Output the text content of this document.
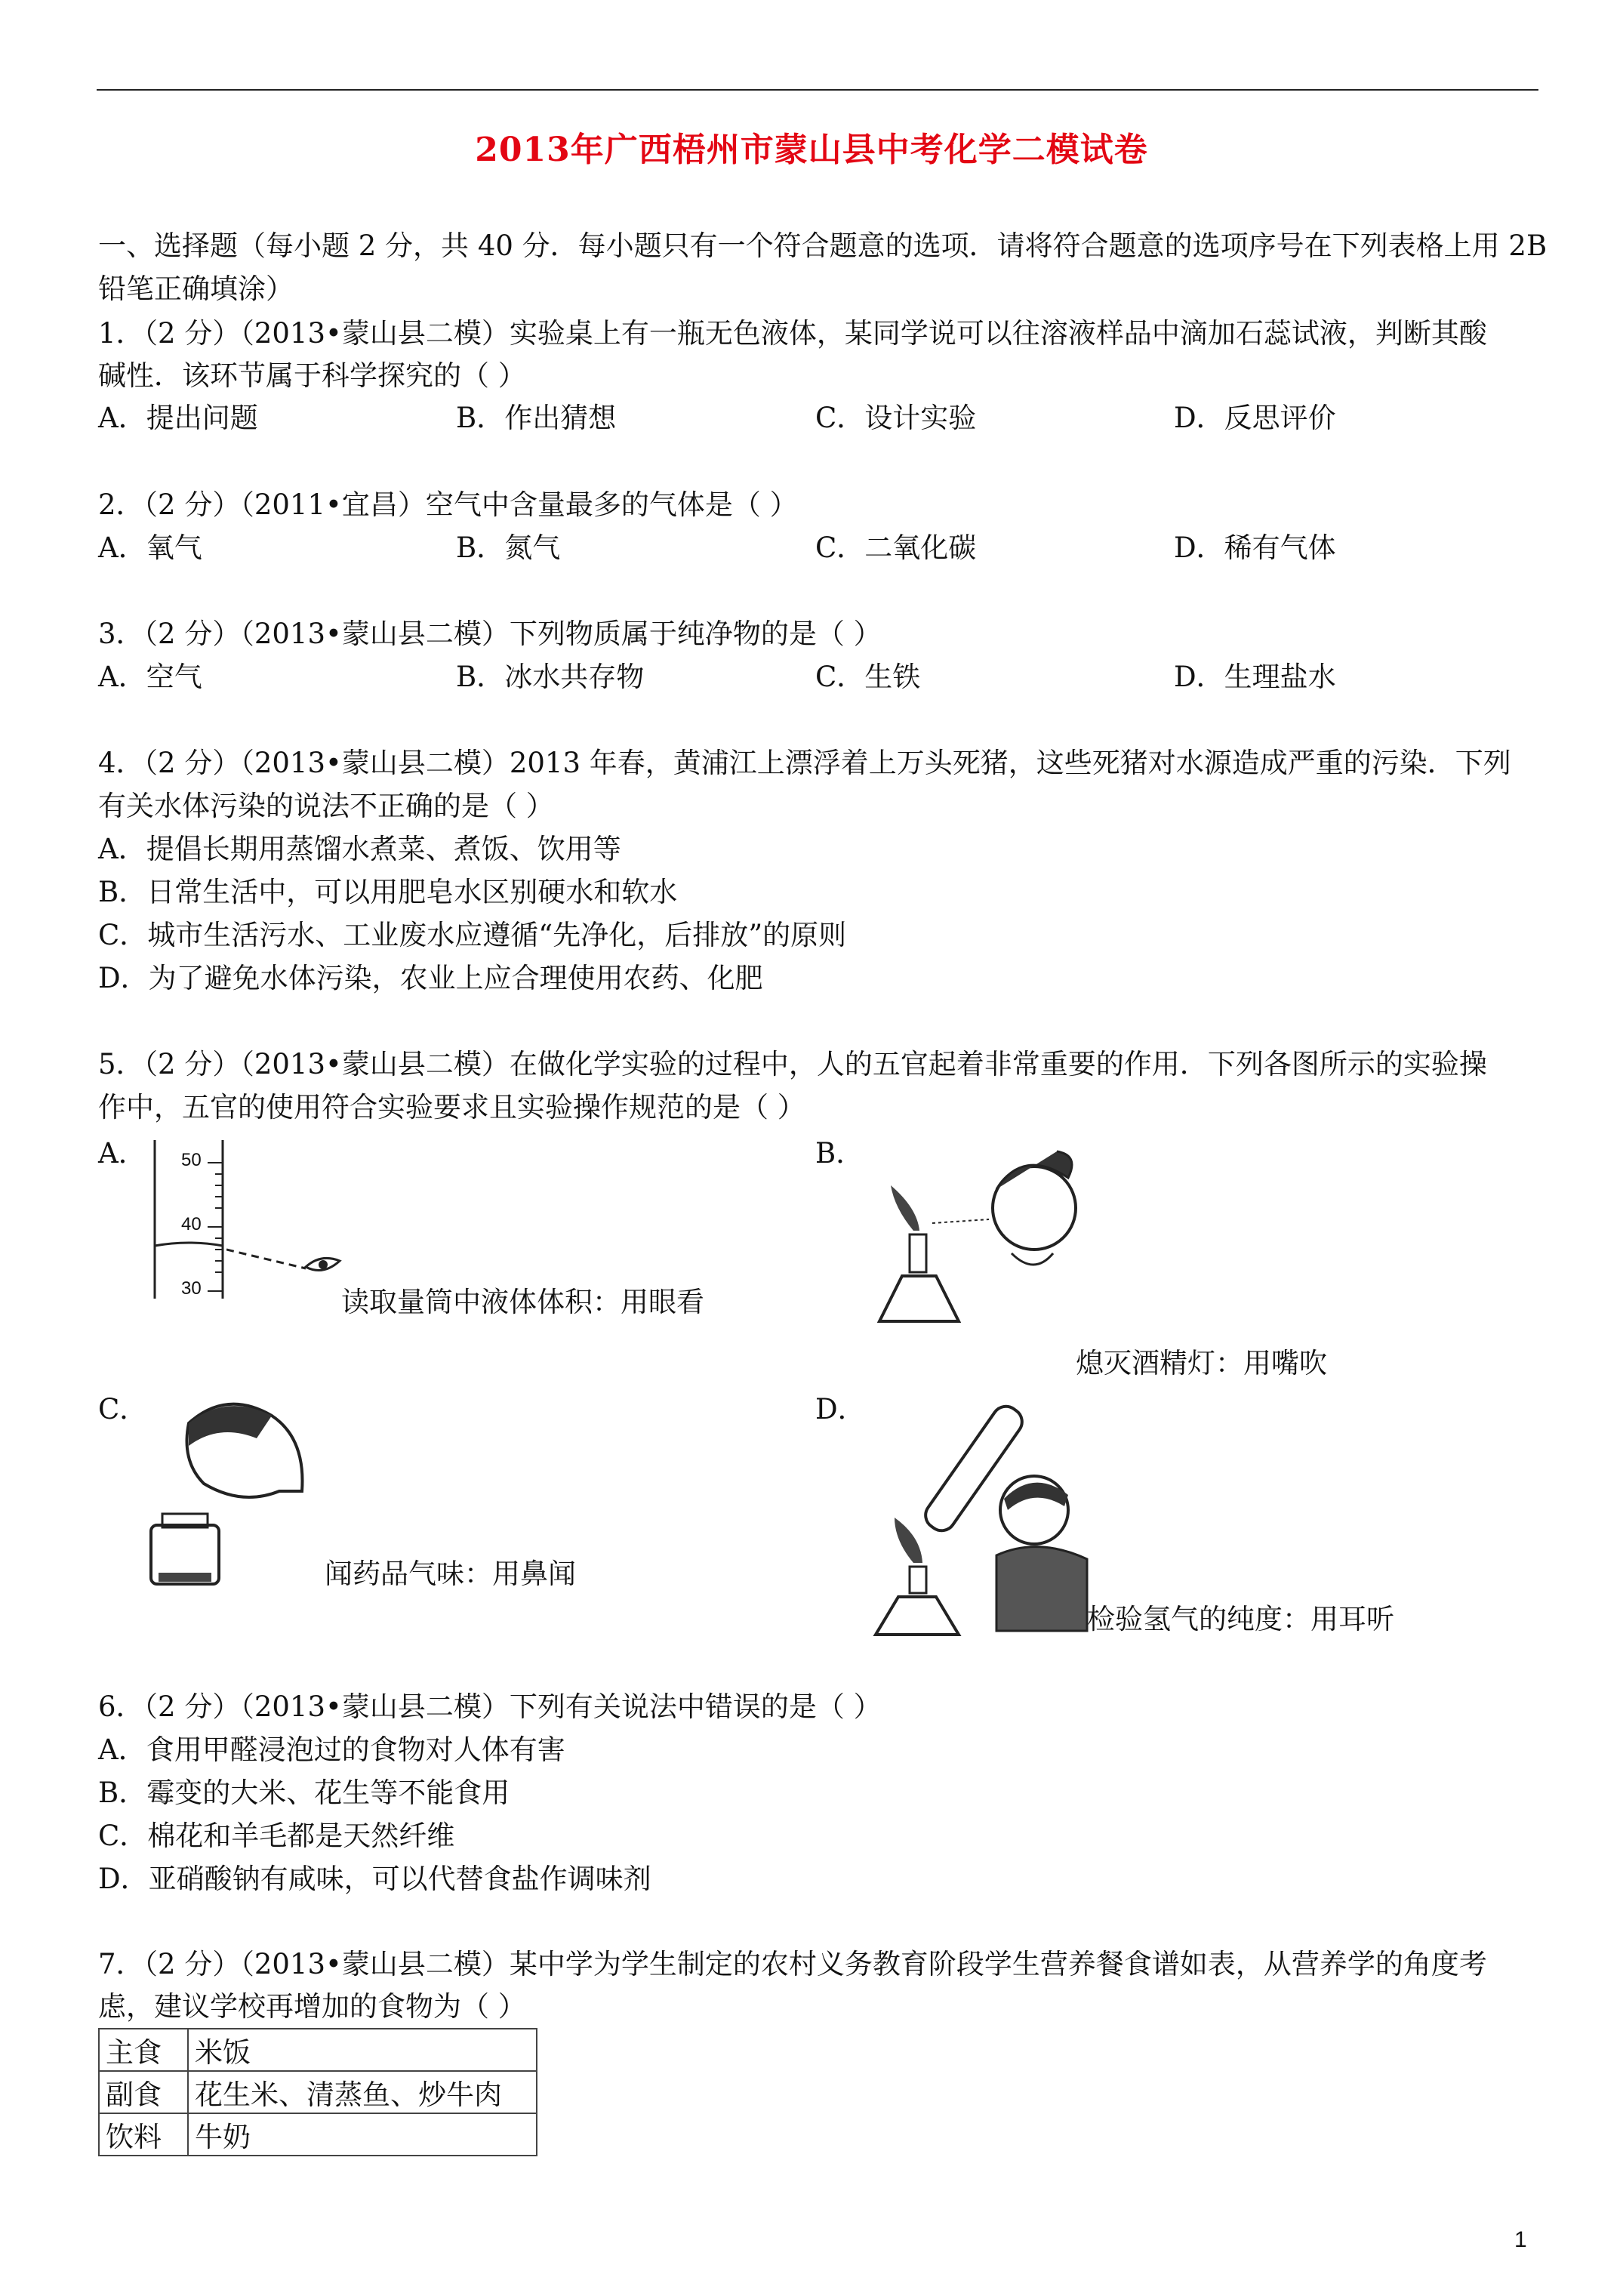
2013年广西梧州市蒙山县中考化学二模试卷
一、选择题（每小题 2 分，共 40 分．每小题只有一个符合题意的选项．请将符合题意的选项序号在下列表格上用 2B
铅笔正确填涂）
1．（2 分）（2013•蒙山县二模）实验桌上有一瓶无色液体，某同学说可以往溶液样品中滴加石蕊试液，判断其酸
碱性．该环节属于科学探究的（ ）
A．提出问题	B．作出猜想	C．设计实验	D．反思评价
2．（2 分）（2011•宜昌）空气中含量最多的气体是（ ）
A．氧气	B．氮气	C．二氧化碳	D．稀有气体
3．（2 分）（2013•蒙山县二模）下列物质属于纯净物的是（ ）
A．空气	B．冰水共存物	C．生铁	D．生理盐水
4．（2 分）（2013•蒙山县二模）2013 年春，黄浦江上漂浮着上万头死猪，这些死猪对水源造成严重的污染．下列
有关水体污染的说法不正确的是（ ）
A．提倡长期用蒸馏水煮菜、煮饭、饮用等
B．日常生活中，可以用肥皂水区别硬水和软水
C．城市生活污水、工业废水应遵循“先净化，后排放”的原则
D．为了避免水体污染，农业上应合理使用农药、化肥
5．（2 分）（2013•蒙山县二模）在做化学实验的过程中，人的五官起着非常重要的作用．下列各图所示的实验操
作中，五官的使用符合实验要求且实验操作规范的是（ ）
A． 50
40
30	读取量筒中液体体积：用眼看
B．
熄灭酒精灯：用嘴吹
C．
闻药品气味：用鼻闻
D．
检验氢气的纯度：用耳听
6．（2 分）（2013•蒙山县二模）下列有关说法中错误的是（ ）
A．食用甲醛浸泡过的食物对人体有害
B．霉变的大米、花生等不能食用
C．棉花和羊毛都是天然纤维
D．亚硝酸钠有咸味，可以代替食盐作调味剂
7．（2 分）（2013•蒙山县二模）某中学为学生制定的农村义务教育阶段学生营养餐食谱如表，从营养学的角度考
虑，建议学校再增加的食物为（ ）
主食	米饭
副食	花生米、清蒸鱼、炒牛肉
饮料	牛奶
1
